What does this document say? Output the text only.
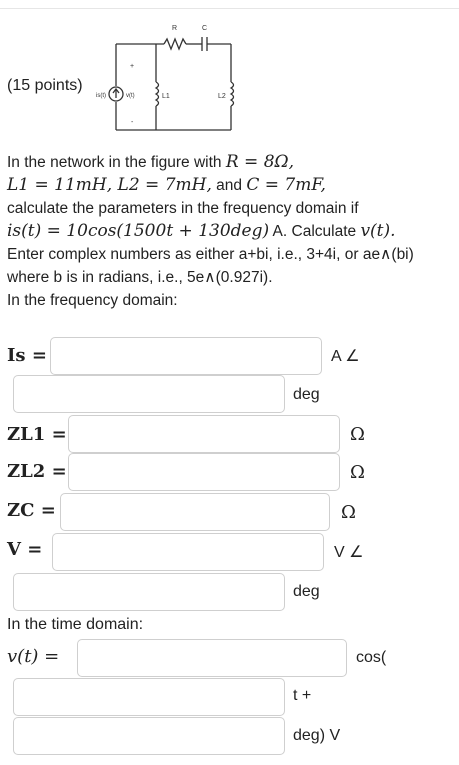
R	C
+
-
is(t)	v(t)	L1	L2
(15 points)
In the network in the figure with R = 8Ω,
L1 = 11mH, L2 = 7mH, and C = 7mF,
calculate the parameters in the frequency domain if
is(t) = 10cos(1500t + 130deg) A. Calculate v(t).
Enter complex numbers as either a+bi, i.e., 3+4i, or ae∧(bi) where b is in radians, i.e., 5e∧(0.927i).
In the frequency domain:
Is =	A ∠
deg
ZL1 =	Ω
ZL2 =	Ω
ZC =	Ω
V =	V ∠
deg
In the time domain:
v(t) =	cos(
t +
deg) V
